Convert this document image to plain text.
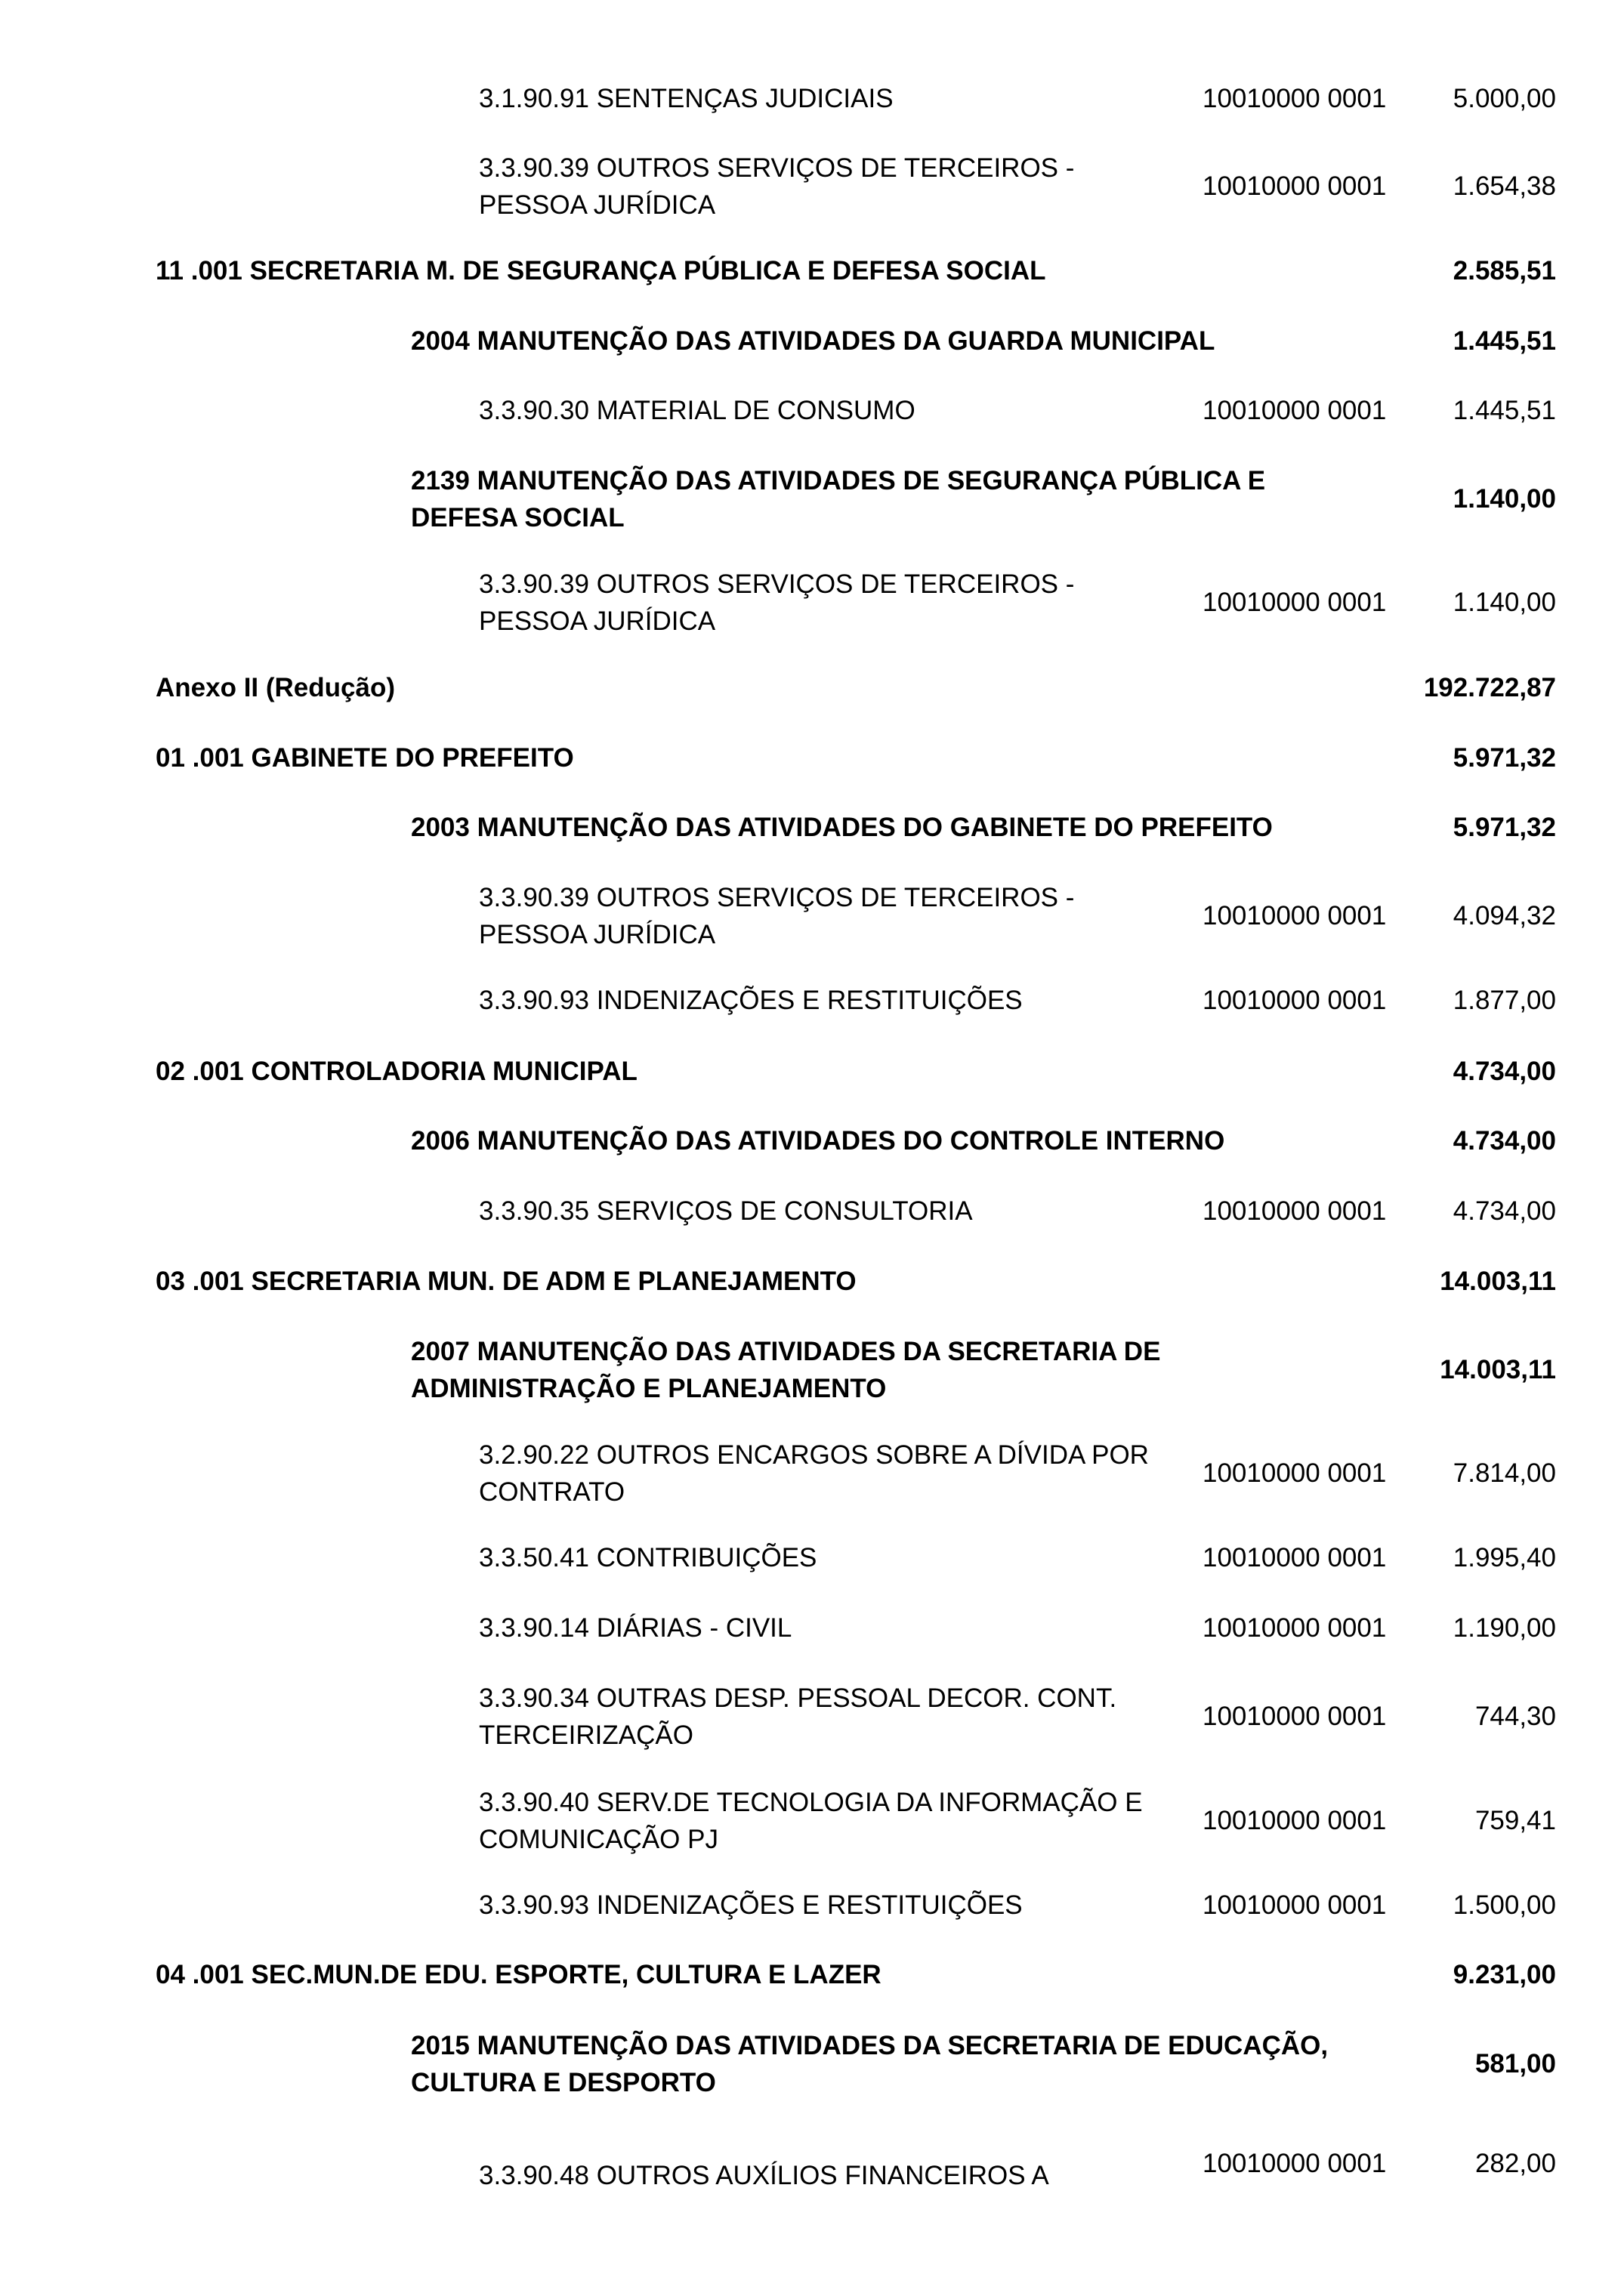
3.1.90.91 SENTENÇAS JUDICIAIS	10010000 0001	5.000,00
3.3.90.39 OUTROS SERVIÇOS DE TERCEIROS -
PESSOA JURÍDICA
10010000 0001	1.654,38
11 .001 SECRETARIA M. DE SEGURANÇA PÚBLICA E DEFESA SOCIAL	2.585,51
2004 MANUTENÇÃO DAS ATIVIDADES DA GUARDA MUNICIPAL	1.445,51
3.3.90.30 MATERIAL DE CONSUMO	10010000 0001	1.445,51
2139 MANUTENÇÃO DAS ATIVIDADES DE SEGURANÇA PÚBLICA E
DEFESA SOCIAL
1.140,00
3.3.90.39 OUTROS SERVIÇOS DE TERCEIROS -
PESSOA JURÍDICA
10010000 0001	1.140,00
Anexo II (Redução)	192.722,87
01 .001 GABINETE DO PREFEITO	5.971,32
2003 MANUTENÇÃO DAS ATIVIDADES DO GABINETE DO PREFEITO	5.971,32
3.3.90.39 OUTROS SERVIÇOS DE TERCEIROS -
PESSOA JURÍDICA
10010000 0001	4.094,32
3.3.90.93 INDENIZAÇÕES E RESTITUIÇÕES	10010000 0001	1.877,00
02 .001 CONTROLADORIA MUNICIPAL	4.734,00
2006 MANUTENÇÃO DAS ATIVIDADES DO CONTROLE INTERNO	4.734,00
3.3.90.35 SERVIÇOS DE CONSULTORIA	10010000 0001	4.734,00
03 .001 SECRETARIA MUN. DE ADM E PLANEJAMENTO	14.003,11
2007 MANUTENÇÃO DAS ATIVIDADES DA SECRETARIA DE
ADMINISTRAÇÃO E PLANEJAMENTO
14.003,11
3.2.90.22 OUTROS ENCARGOS SOBRE A DÍVIDA POR
CONTRATO
10010000 0001	7.814,00
3.3.50.41 CONTRIBUIÇÕES	10010000 0001	1.995,40
3.3.90.14 DIÁRIAS - CIVIL	10010000 0001	1.190,00
3.3.90.34 OUTRAS DESP. PESSOAL DECOR. CONT.
TERCEIRIZAÇÃO
10010000 0001	744,30
3.3.90.40 SERV.DE TECNOLOGIA DA INFORMAÇÃO E
COMUNICAÇÃO PJ
10010000 0001	759,41
3.3.90.93 INDENIZAÇÕES E RESTITUIÇÕES	10010000 0001	1.500,00
04 .001 SEC.MUN.DE EDU. ESPORTE, CULTURA E LAZER	9.231,00
2015 MANUTENÇÃO DAS ATIVIDADES DA SECRETARIA DE EDUCAÇÃO,
CULTURA E DESPORTO
581,00
3.3.90.48 OUTROS AUXÍLIOS FINANCEIROS A	10010000 0001	282,00
